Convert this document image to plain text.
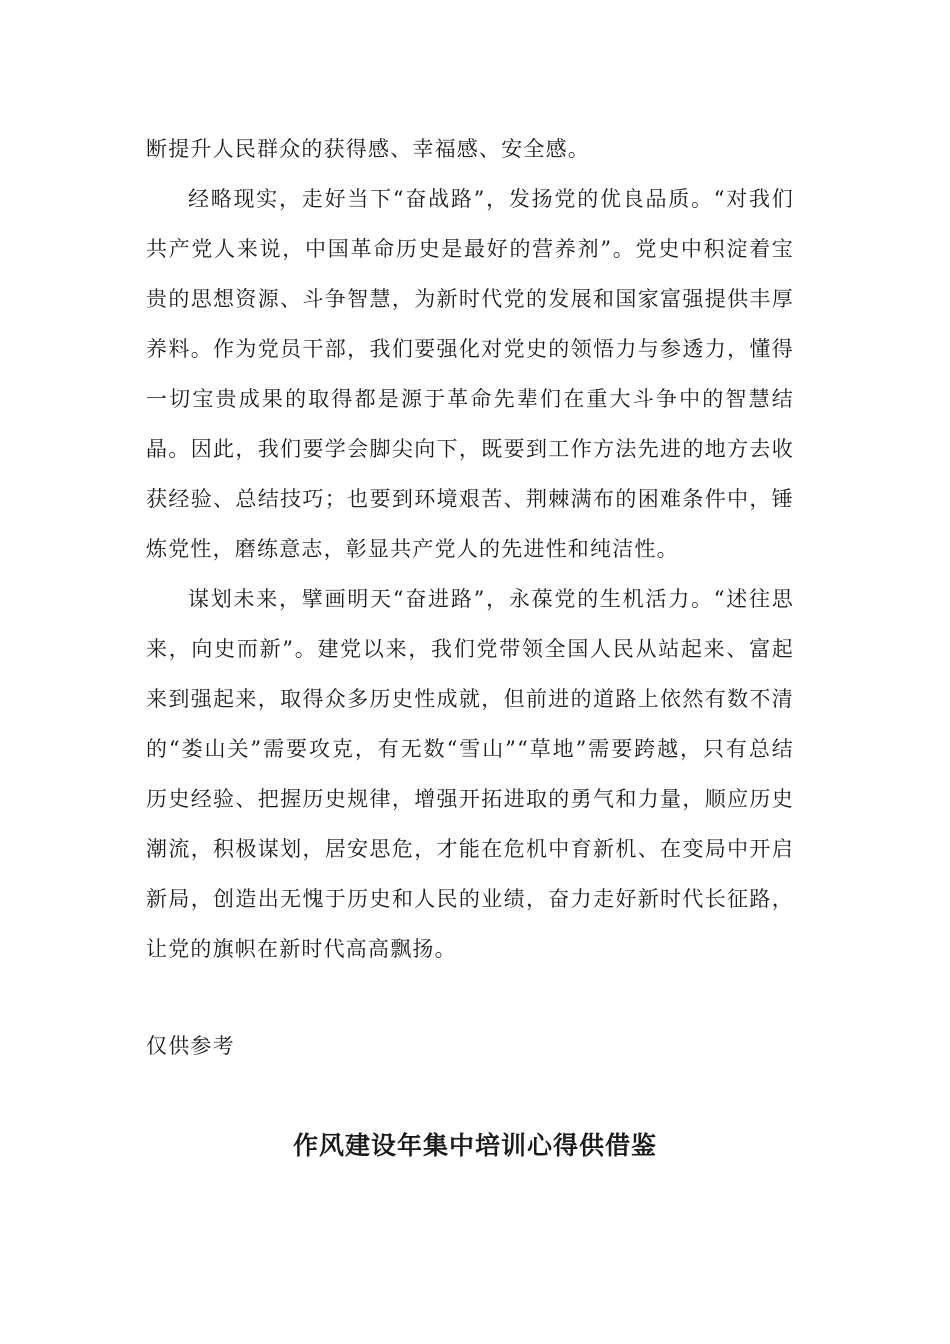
断提升人民群众的获得感、幸福感、安全感。

经略现实，走好当下“奋战路”，发扬党的优良品质。“对我们共产党人来说，中国革命历史是最好的营养剂”。党史中积淀着宝贵的思想资源、斗争智慧，为新时代党的发展和国家富强提供丰厚养料。作为党员干部，我们要强化对党史的领悟力与参透力，懂得一切宝贵成果的取得都是源于革命先辈们在重大斗争中的智慧结晶。因此，我们要学会脚尖向下，既要到工作方法先进的地方去收获经验、总结技巧；也要到环境艰苦、荆棘满布的困难条件中，锤炼党性，磨练意志，彰显共产党人的先进性和纯洁性。

谋划未来，擘画明天“奋进路”，永葆党的生机活力。“述往思来，向史而新”。建党以来，我们党带领全国人民从站起来、富起来到强起来，取得众多历史性成就，但前进的道路上依然有数不清的“娄山关”需要攻克，有无数“雪山”“草地”需要跨越，只有总结历史经验、把握历史规律，增强开拓进取的勇气和力量，顺应历史潮流，积极谋划，居安思危，才能在危机中育新机、在变局中开启新局，创造出无愧于历史和人民的业绩，奋力走好新时代长征路，让党的旗帜在新时代高高飘扬。

仅供参考
作风建设年集中培训心得供借鉴
